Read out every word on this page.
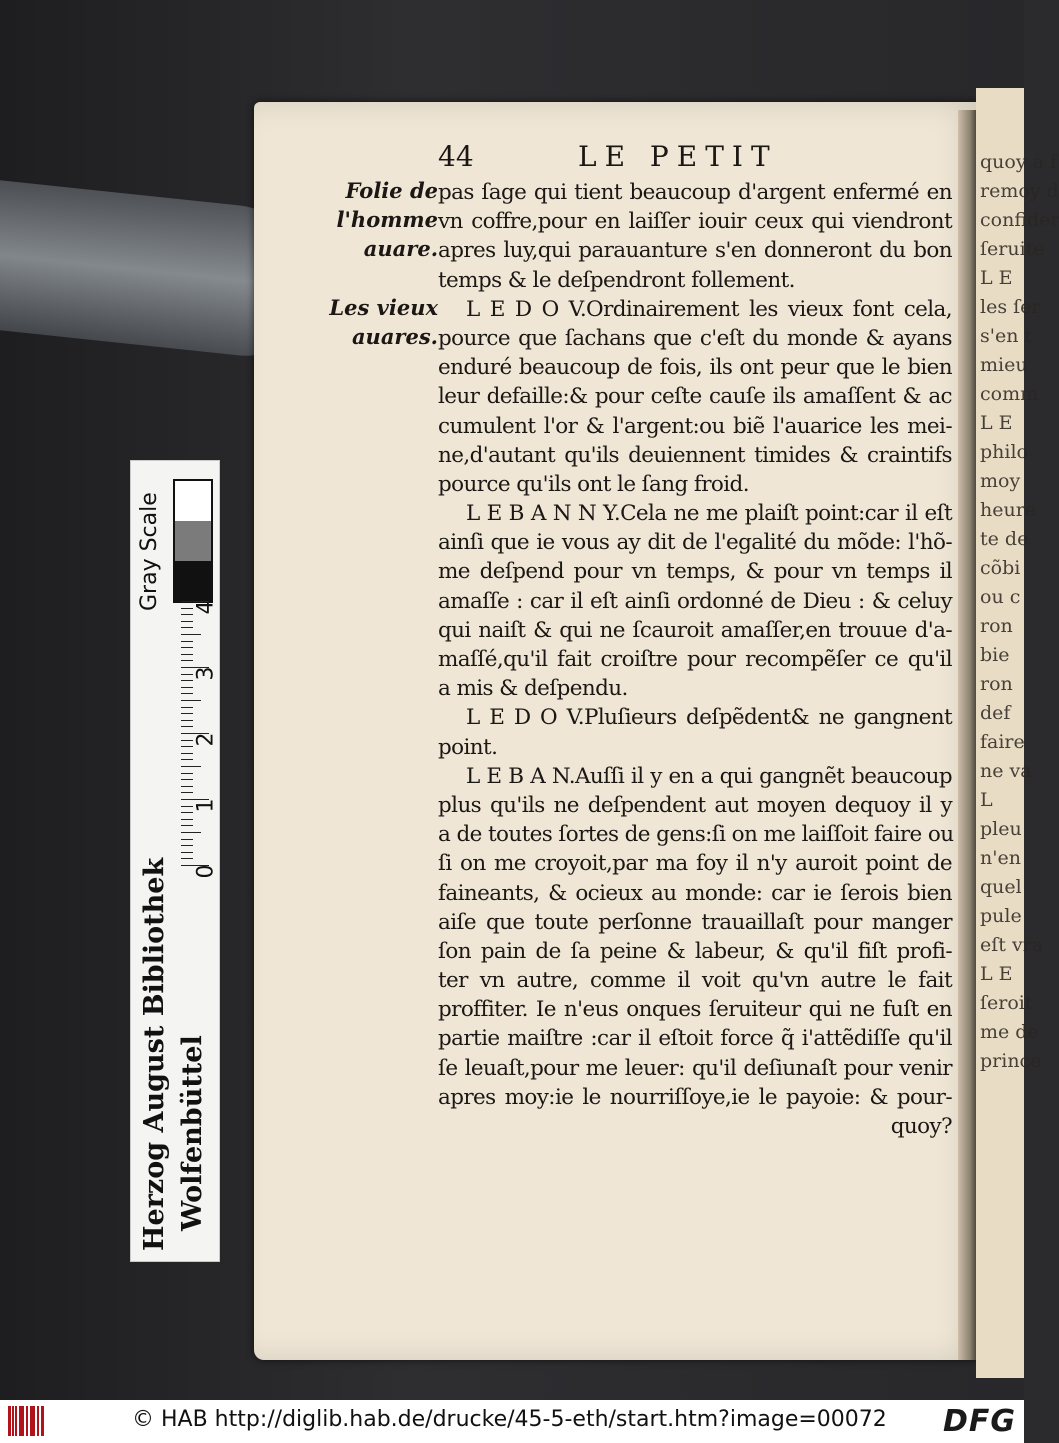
quoy à f
remoy d
confider
ſeruite
L E
les ſer
s'en t
mieu
comm
L E
philo
moy
heure
te de
cõbi
ou c
ron
bie
ron
def
faire
ne va
L
pleu
n'en
quel
pule
eſt vra
L E
ſeroit
me de
prince
44	LE PETIT
Folie de
l'homme
auare.
Les vieux
auares.
pas ſage qui tient beaucoup d'argent enfermé en
vn coffre,pour en laiſſer iouir ceux qui viendront
apres luy,qui parauanture s'en donneront du bon
temps & le deſpendront follement.
L E D O V.Ordinairement les vieux font cela,
pource que ſachans que c'eſt du monde & ayans
enduré beaucoup de fois, ils ont peur que le bien
leur defaille:& pour ceſte cauſe ils amaſſent & ac
cumulent l'or & l'argent:ou biẽ l'auarice les mei-
ne,d'autant qu'ils deuiennent timides & craintifs
pource qu'ils ont le ſang froid.
L E B A N N Y.Cela ne me plaiſt point:car il eſt
ainſi que ie vous ay dit de l'egalité du mõde: l'hõ-
me deſpend pour vn temps, & pour vn temps il
amaſſe : car il eſt ainſi ordonné de Dieu : & celuy
qui naiſt & qui ne ſcauroit amaſſer,en trouue d'a-
maſſé,qu'il fait croiſtre pour recompẽſer ce qu'il
a mis & deſpendu.
L E D O V.Pluſieurs deſpẽdent& ne gangnent
point.
L E B A N.Auſſi il y en a qui gangnẽt beaucoup
plus qu'ils ne deſpendent aut moyen dequoy il y
a de toutes ſortes de gens:ſi on me laiſſoit faire ou
ſi on me croyoit,par ma foy il n'y auroit point de
faineants, & ocieux au monde: car ie ſerois bien
aiſe que toute perſonne trauaillaſt pour manger
ſon pain de ſa peine & labeur, & qu'il fiſt profi-
ter vn autre, comme il voit qu'vn autre le fait
proffiter. Ie n'eus onques ſeruiteur qui ne fuſt en
partie maiſtre :car il eſtoit force q̃ i'attẽdiſſe qu'il
ſe leuaſt,pour me leuer: qu'il deſiunaſt pour venir
apres moy:ie le nourriſſoye,ie le payoie: & pour-
quoy?
Gray Scale 4
3
2
1
0
Herzog August Bibliothek Wolfenbüttel
© HAB http://diglib.hab.de/drucke/45-5-eth/start.htm?image=00072 DFG
